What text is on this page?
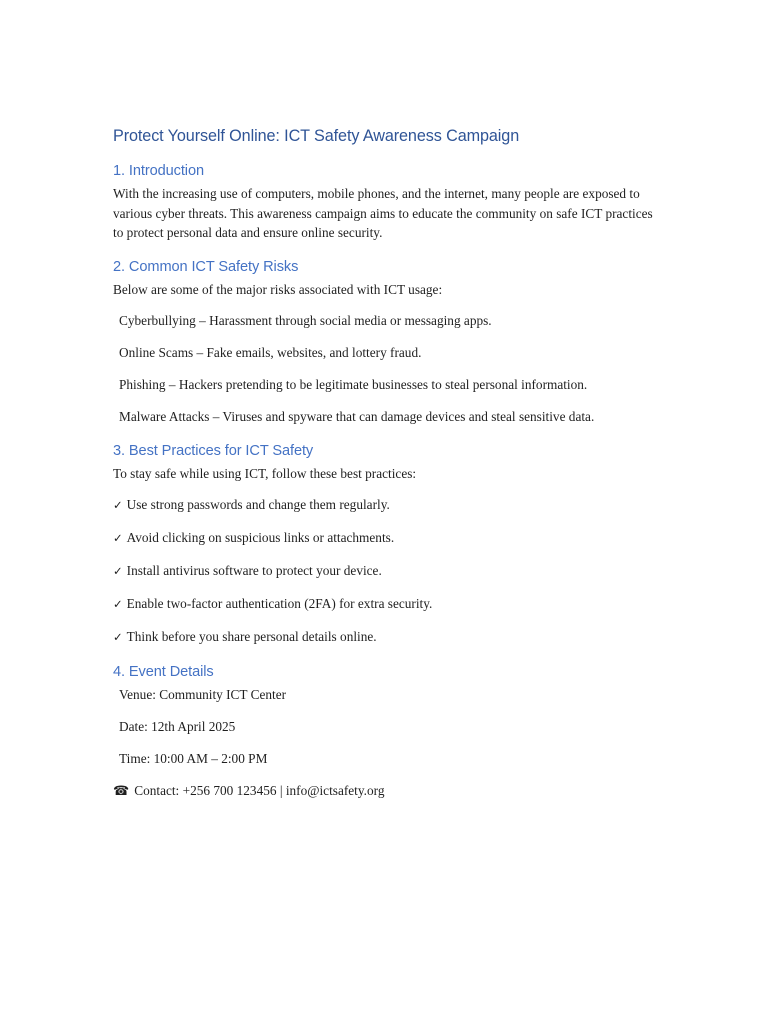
Protect Yourself Online: ICT Safety Awareness Campaign
1. Introduction

With the increasing use of computers, mobile phones, and the internet, many people are exposed to various cyber threats. This awareness campaign aims to educate the community on safe ICT practices to protect personal data and ensure online security.

2. Common ICT Safety Risks

Below are some of the major risks associated with ICT usage:

Cyberbullying – Harassment through social media or messaging apps.

Online Scams – Fake emails, websites, and lottery fraud.

Phishing – Hackers pretending to be legitimate businesses to steal personal information.

Malware Attacks – Viruses and spyware that can damage devices and steal sensitive data.

3. Best Practices for ICT Safety

To stay safe while using ICT, follow these best practices:

✓ Use strong passwords and change them regularly.

✓ Avoid clicking on suspicious links or attachments.

✓ Install antivirus software to protect your device.

✓ Enable two-factor authentication (2FA) for extra security.

✓ Think before you share personal details online.

4. Event Details

Venue: Community ICT Center

Date: 12th April 2025

Time: 10:00 AM – 2:00 PM

☎ Contact: +256 700 123456 | info@ictsafety.org
